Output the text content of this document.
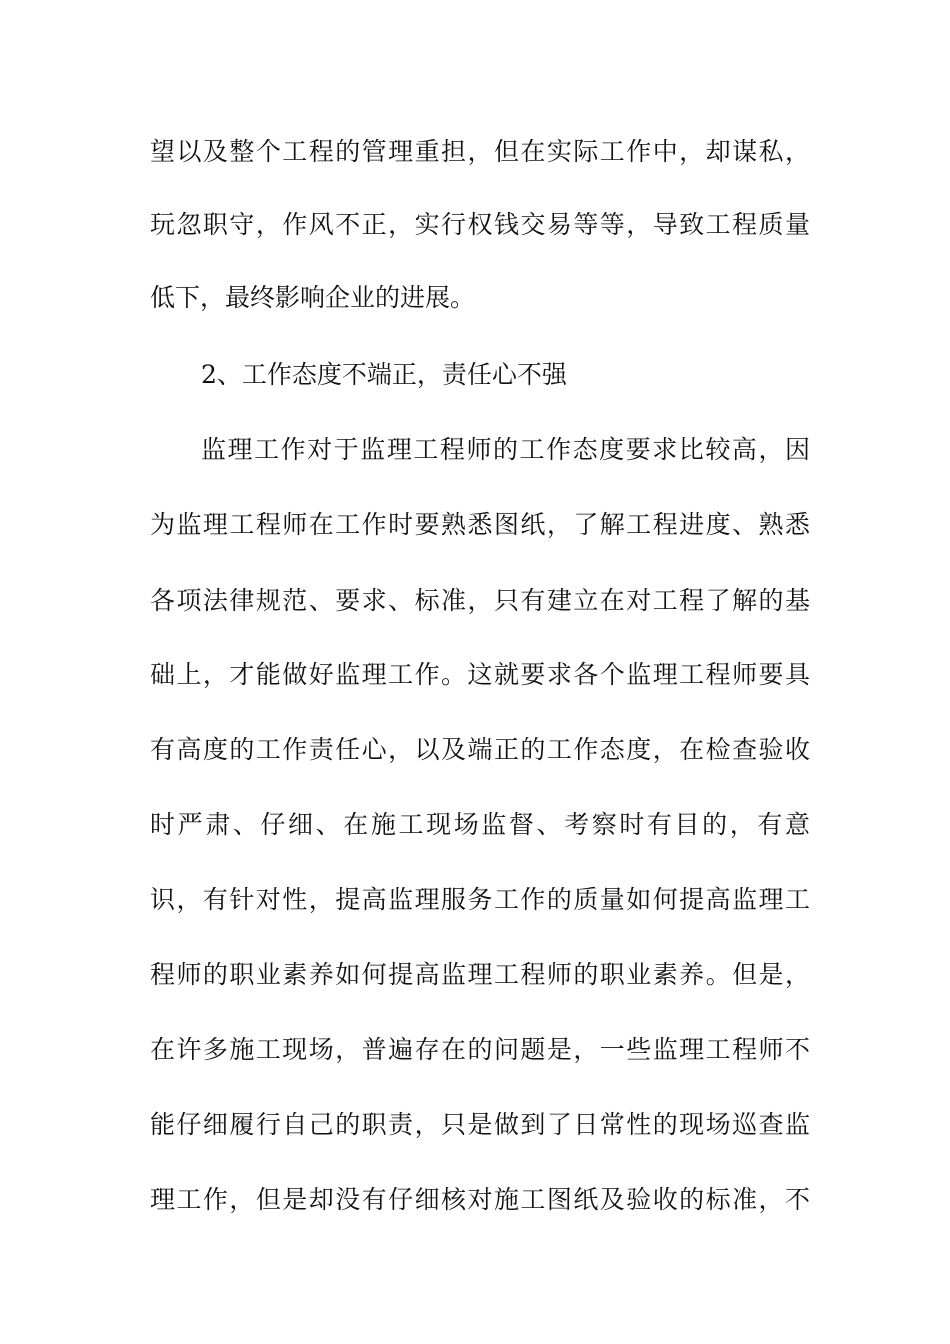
望以及整个工程的管理重担，但在实际工作中，却谋私，
玩忽职守，作风不正，实行权钱交易等等，导致工程质量
低下，最终影响企业的进展。
2、工作态度不端正，责任心不强
监理工作对于监理工程师的工作态度要求比较高，因
为监理工程师在工作时要熟悉图纸，了解工程进度、熟悉
各项法律规范、要求、标准，只有建立在对工程了解的基
础上，才能做好监理工作。这就要求各个监理工程师要具
有高度的工作责任心，以及端正的工作态度，在检查验收
时严肃、仔细、在施工现场监督、考察时有目的，有意
识，有针对性，提高监理服务工作的质量如何提高监理工
程师的职业素养如何提高监理工程师的职业素养。但是，
在许多施工现场，普遍存在的问题是，一些监理工程师不
能仔细履行自己的职责，只是做到了日常性的现场巡查监
理工作，但是却没有仔细核对施工图纸及验收的标准，不
